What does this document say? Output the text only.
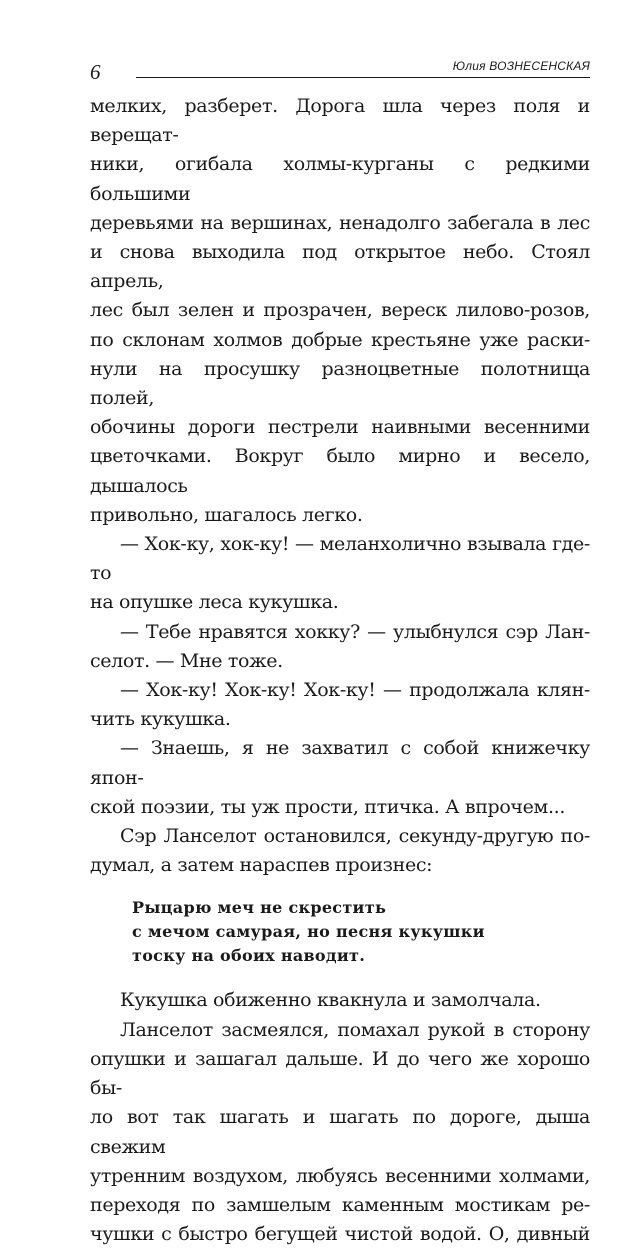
6	Юлия ВОЗНЕСЕНСКАЯ

мелких, разберет. Дорога шла через поля и верещат-

ники, огибала холмы-курганы с редкими большими

деревьями на вершинах, ненадолго забегала в лес

и снова выходила под открытое небо. Стоял апрель,

лес был зелен и прозрачен, вереск лилово-розов,

по склонам холмов добрые крестьяне уже раски-

нули на просушку разноцветные полотнища полей,

обочины дороги пестрели наивными весенними

цветочками. Вокруг было мирно и весело, дышалось

привольно, шагалось легко.

— Хок-ку, хок-ку! — меланхолично взывала где-то

на опушке леса кукушка.

— Тебе нравятся хокку? — улыбнулся сэр Лан-

селот. — Мне тоже.

— Хок-ку! Хок-ку! Хок-ку! — продолжала клян-

чить кукушка.

— Знаешь, я не захватил с собой книжечку япон-

ской поэзии, ты уж прости, птичка. А впрочем...

Сэр Ланселот остановился, секунду-другую по-

думал, а затем нараспев произнес:

Рыцарю меч не скрестить
с мечом самурая, но песня кукушки
тоску на обоих наводит.

Кукушка обиженно квакнула и замолчала.

Ланселот засмеялся, помахал рукой в сторону

опушки и зашагал дальше. И до чего же хорошо бы-

ло вот так шагать и шагать по дороге, дыша свежим

утренним воздухом, любуясь весенними холмами,

переходя по замшелым каменным мостикам ре-

чушки с быстро бегущей чистой водой. О, дивный
